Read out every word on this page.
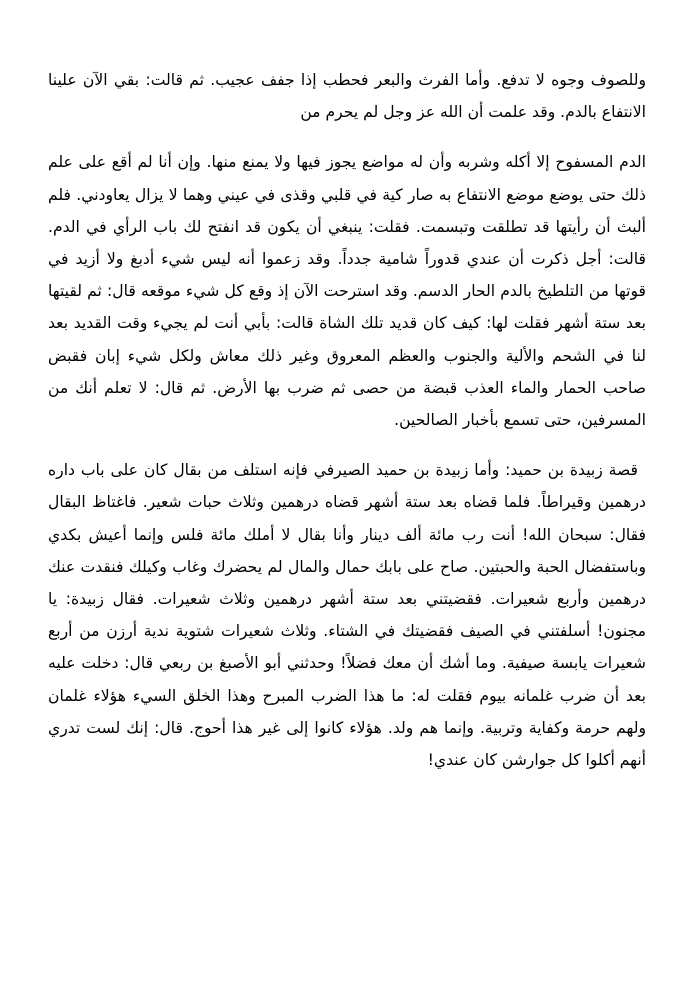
وللصوف وجوه لا تدفع. وأما الفرث والبعر فحطب إذا جفف عجيب. ثم قالت: بقي الآن علينا الانتفاع بالدم. وقد علمت أن الله عز وجل لم يحرم من

الدم المسفوح إلا أكله وشربه وأن له مواضع يجوز فيها ولا يمنع منها. وإن أنا لم أقع على علم ذلك حتى يوضع موضع الانتفاع به صار كية في قلبي وقذى في عيني وهما لا يزال يعاودني. فلم ألبث أن رأيتها قد تطلقت وتبسمت. فقلت: ينبغي أن يكون قد انفتح لك باب الرأي في الدم. قالت: أجل ذكرت أن عندي قدوراً شامية جدداً. وقد زعموا أنه ليس شيء أدبغ ولا أزيد في قوتها من التلطيخ بالدم الحار الدسم. وقد استرحت الآن إذ وقع كل شيء موقعه قال: ثم لقيتها بعد ستة أشهر فقلت لها: كيف كان قديد تلك الشاة قالت: بأبي أنت لم يجيء وقت القديد بعد لنا في الشحم والألية والجنوب والعظم المعروق وغير ذلك معاش ولكل شيء إبان فقبض صاحب الحمار والماء العذب قبضة من حصى ثم ضرب بها الأرض. ثم قال: لا تعلم أنك من المسرفين، حتى تسمع بأخبار الصالحين.

قصة زبيدة بن حميد: وأما زبيدة بن حميد الصيرفي فإنه استلف من بقال كان على باب داره درهمين وقيراطاً. فلما قضاه بعد ستة أشهر قضاه درهمين وثلاث حبات شعير. فاغتاظ البقال فقال: سبحان الله! أنت رب مائة ألف دينار وأنا بقال لا أملك مائة فلس وإنما أعيش بكدي وباستفضال الحبة والحبتين. صاح على بابك حمال والمال لم يحضرك وغاب وكيلك فنقدت عنك درهمين وأربع شعيرات. فقضيتني بعد ستة أشهر درهمين وثلاث شعيرات. فقال زبيدة: يا مجنون! أسلفتني في الصيف فقضيتك في الشتاء. وثلاث شعيرات شتوية ندية أرزن من أربع شعيرات يابسة صيفية. وما أشك أن معك فضلاً! وحدثني أبو الأصبغ بن ربعي قال: دخلت عليه بعد أن ضرب غلمانه بيوم فقلت له: ما هذا الضرب المبرح وهذا الخلق السيء هؤلاء غلمان ولهم حرمة وكفاية وتربية. وإنما هم ولد. هؤلاء كانوا إلى غير هذا أحوج. قال: إنك لست تدري أنهم أكلوا كل جوارشن كان عندي!
